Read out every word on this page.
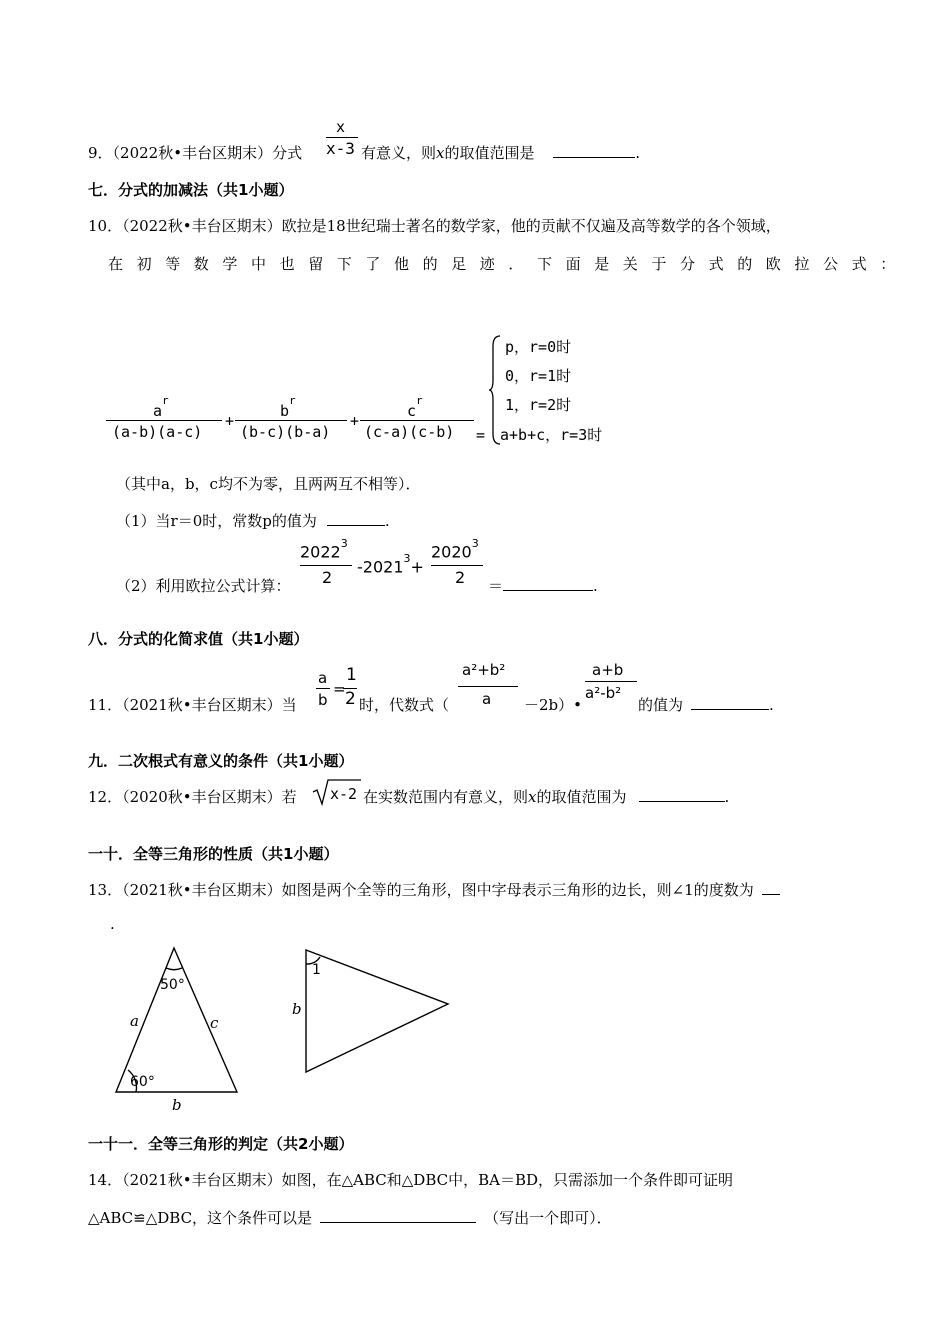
9．（2022秋•丰台区期末）分式
x
x-3 有意义，则x的取值范围是	.
七．分式的加减法（共1小题）
10．（2022秋•丰台区期末）欧拉是18世纪瑞士著名的数学家，他的贡献不仅遍及高等数学的各个领域，
在初等数学中也留下了他的足迹．下面是关于分式的欧拉公式：
$a^r$
(a-b)(a-c)
+
$b^r$
(b-c)(b-a)
+
$c^r$
(c-a)(c-b) =
p，r=0时
0，r=1时
1，r=2时
a+b+c，r=3时
（其中a，b，c均不为零，且两两互不相等）．
（1）当r＝0时，常数p的值为	.
（2）利用欧拉公式计算：
2022$^3$
2
$-2021^3+$
$2020^3$
2 ＝	.
八．分式的化简求值（共1小题）
11．（2021秋•丰台区期末）当
a
b
=
1
2 时，代数式（
a²+b²
a －2b）•
a+b
a²-b²
的值为	.
九．二次根式有意义的条件（共1小题）
12．（2020秋•丰台区期末）若 x-2 在实数范围内有意义，则x的取值范围为	.
一十．全等三角形的性质（共1小题）
13．（2021秋•丰台区期末）如图是两个全等的三角形，图中字母表示三角形的边长，则∠1的度数为
.
50°
60°
a	c
b
1
b
一十一．全等三角形的判定（共2小题）
14．（2021秋•丰台区期末）如图，在△ABC和△DBC中，BA＝BD，只需添加一个条件即可证明
△ABC≌△DBC，这个条件可以是	（写出一个即可）．
